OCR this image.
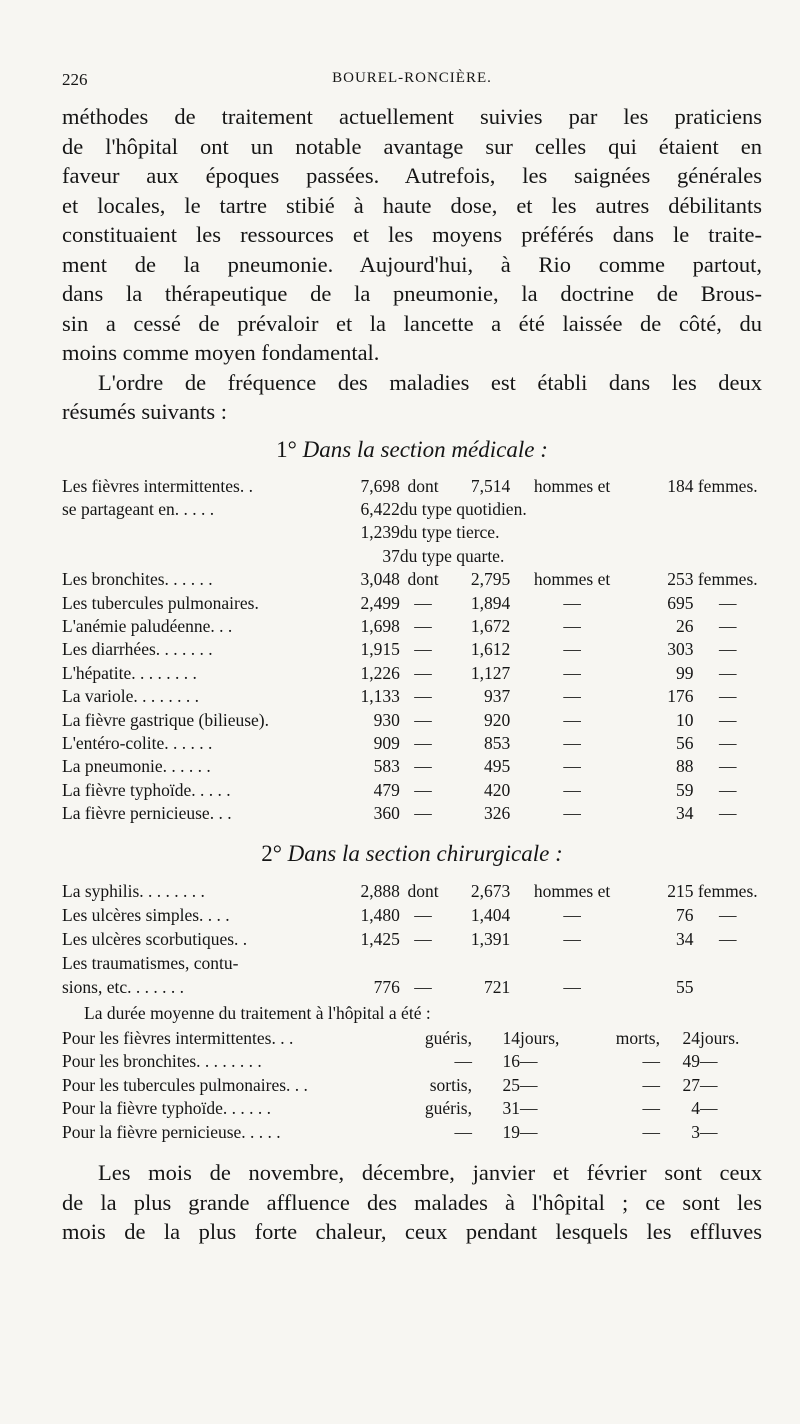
226	BOUREL-RONCIÈRE.
méthodes de traitement actuellement suivies par les praticiens
de l'hôpital ont un notable avantage sur celles qui étaient en
faveur aux époques passées. Autrefois, les saignées générales
et locales, le tartre stibié à haute dose, et les autres débilitants
constituaient les ressources et les moyens préférés dans le traite-
ment de la pneumonie. Aujourd'hui, à Rio comme partout,
dans la thérapeutique de la pneumonie, la doctrine de Brous-
sin a cessé de prévaloir et la lancette a été laissée de côté, du
moins comme moyen fondamental.
L'ordre de fréquence des maladies est établi dans les deux
résumés suivants :
1° Dans la section médicale :
Les fièvres intermittentes. .	7,698	dont	7,514	hommes et	184	femmes.
se partageant en. . . . .	6,422	du type quotidien.				
	1,239	du type tierce.				
	37	du type quarte.				
Les bronchites. . . . . .	3,048	dont	2,795	hommes et	253	femmes.
Les tubercules pulmonaires.	2,499	—	1,894	—	695	—
L'anémie paludéenne. . .	1,698	—	1,672	—	26	—
Les diarrhées. . . . . . .	1,915	—	1,612	—	303	—
L'hépatite. . . . . . . .	1,226	—	1,127	—	99	—
La variole. . . . . . . .	1,133	—	937	—	176	—
La fièvre gastrique (bilieuse).	930	—	920	—	10	—
L'entéro-colite. . . . . .	909	—	853	—	56	—
La pneumonie. . . . . .	583	—	495	—	88	—
La fièvre typhoïde. . . . .	479	—	420	—	59	—
La fièvre pernicieuse. . .	360	—	326	—	34	—
2° Dans la section chirurgicale :
La syphilis. . . . . . . .	2,888	dont	2,673	hommes et	215	femmes.
Les ulcères simples. . . .	1,480	—	1,404	—	76	—
Les ulcères scorbutiques. .	1,425	—	1,391	—	34	—
Les traumatismes, contu-						
sions, etc. . . . . . .	776	—	721	—	55	
La durée moyenne du traitement à l'hôpital a été :
Pour les fièvres intermittentes. . .	guéris,	14	jours,	morts,	24	jours.
Pour les bronchites. . . . . . . .	—	16	—	—	49	—
Pour les tubercules pulmonaires. . .	sortis,	25	—	—	27	—
Pour la fièvre typhoïde. . . . . .	guéris,	31	—	—	4	—
Pour la fièvre pernicieuse. . . . .	—	19	—	—	3	—
Les mois de novembre, décembre, janvier et février sont ceux
de la plus grande affluence des malades à l'hôpital ; ce sont les
mois de la plus forte chaleur, ceux pendant lesquels les effluves
